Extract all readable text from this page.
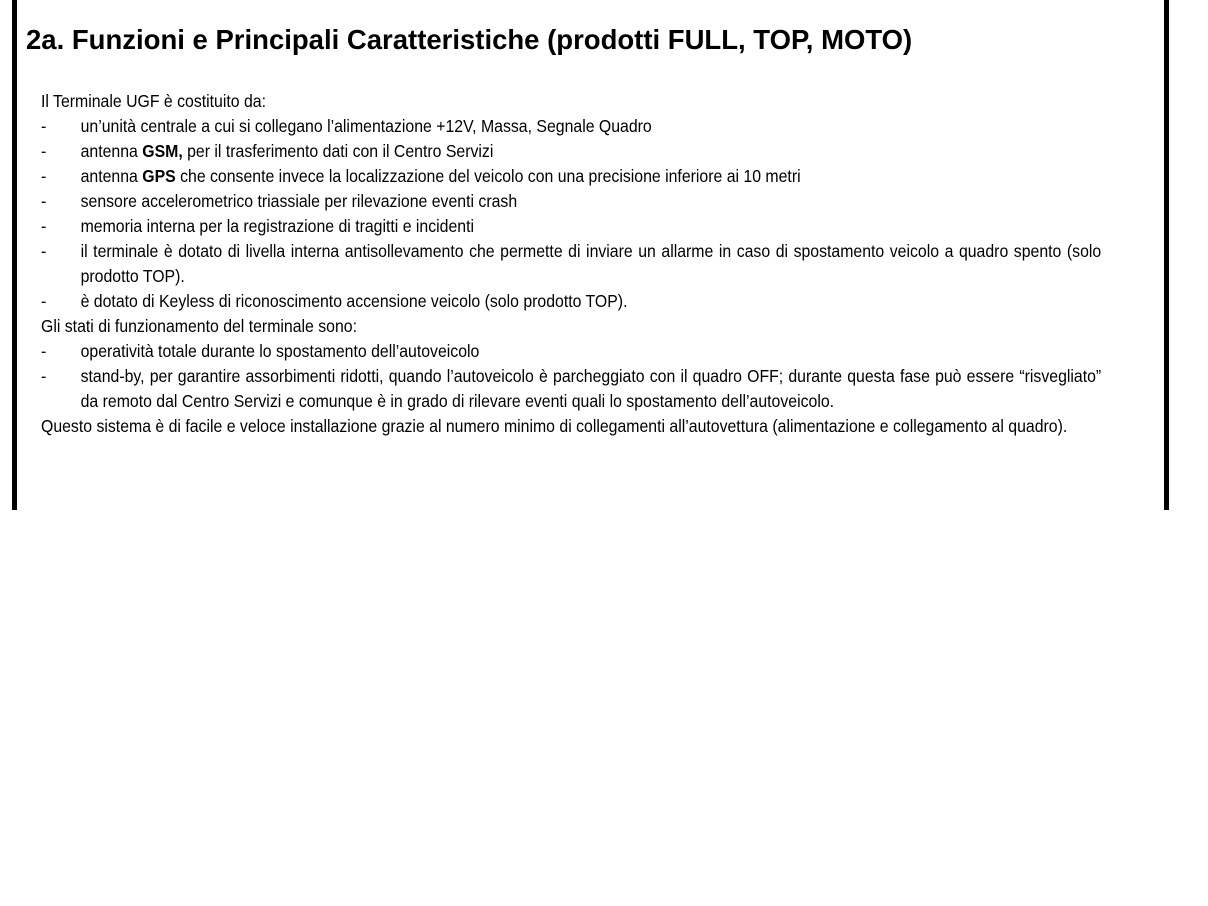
2a. Funzioni e Principali Caratteristiche (prodotti FULL, TOP, MOTO)

Il Terminale UGF è costituito da:

- un’unità centrale a cui si collegano l’alimentazione +12V, Massa, Segnale Quadro
- antenna GSM, per il trasferimento dati con il Centro Servizi
- antenna GPS che consente invece la localizzazione del veicolo con una precisione inferiore ai 10 metri
- sensore accelerometrico triassiale per rilevazione eventi crash
- memoria interna per la registrazione di tragitti e incidenti
- il terminale è dotato di livella interna antisollevamento che permette di inviare un allarme in caso di spostamento veicolo a quadro spento (solo prodotto TOP).
- è dotato di Keyless di riconoscimento accensione veicolo (solo prodotto TOP).

Gli stati di funzionamento del terminale sono:

- operatività totale durante lo spostamento dell’autoveicolo
- stand-by, per garantire assorbimenti ridotti, quando l’autoveicolo è parcheggiato con il quadro OFF; durante questa fase può essere “risvegliato” da remoto dal Centro Servizi e comunque è in grado di rilevare eventi quali lo spostamento dell’autoveicolo.

Questo sistema è di facile e veloce installazione grazie al numero minimo di collegamenti all’autovettura (alimentazione e collegamento al quadro).
